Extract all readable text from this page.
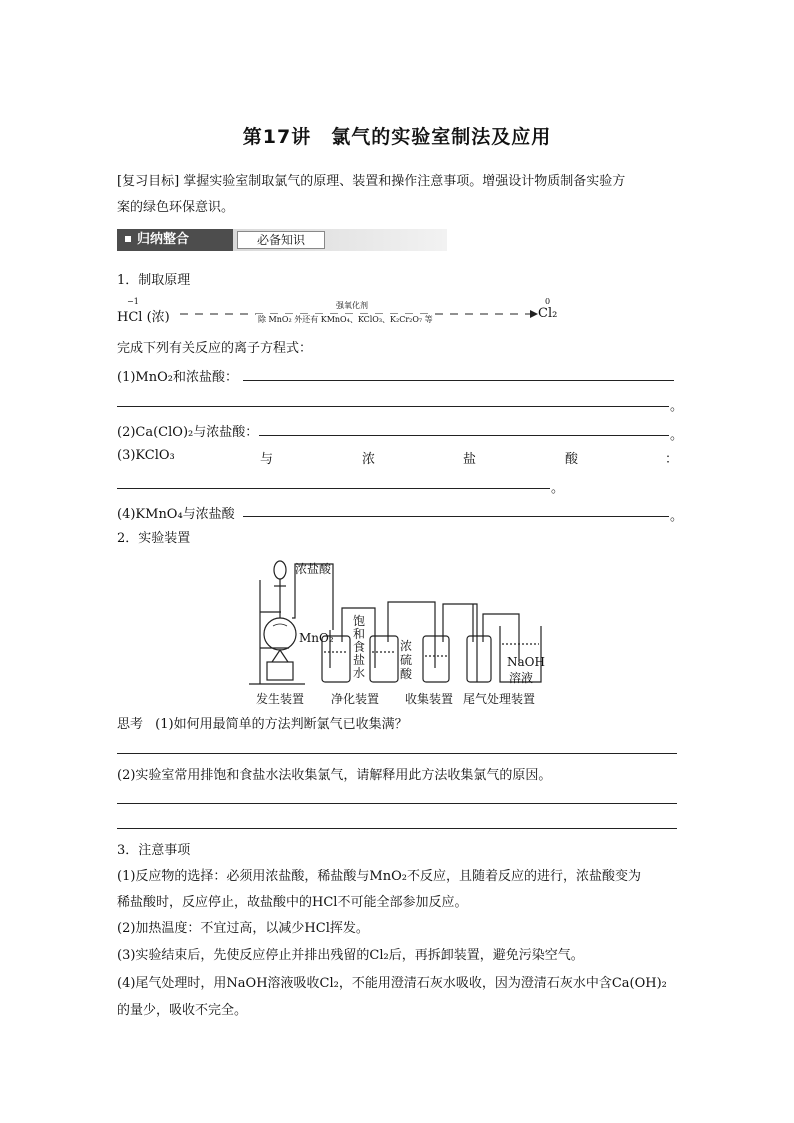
第17讲　氯气的实验室制法及应用
[复习目标] 掌握实验室制取氯气的原理、装置和操作注意事项。增强设计物质制备实验方
案的绿色环保意识。
归纳整合	必备知识
1．制取原理
−1
HCl (浓)
强氧化剂
除 MnO₂ 外还有 KMnO₄、KClO₃、K₂Cr₂O₇ 等
0
Cl₂
完成下列有关反应的离子方程式：
(1)MnO₂和浓盐酸：
。
(2)Ca(ClO)₂与浓盐酸：	。
(3)KClO₃	与	浓	盐	酸	：
。
(4)KMnO₄与浓盐酸	。
2．实验装置
浓盐酸
MnO₂
饱
和
食
盐
水
浓
硫
酸
NaOH
溶液
发生装置 净化装置 收集装置 尾气处理装置
思考 (1)如何用最简单的方法判断氯气已收集满？
(2)实验室常用排饱和食盐水法收集氯气，请解释用此方法收集氯气的原因。
3．注意事项
(1)反应物的选择：必须用浓盐酸，稀盐酸与MnO₂不反应，且随着反应的进行，浓盐酸变为
稀盐酸时，反应停止，故盐酸中的HCl不可能全部参加反应。
(2)加热温度：不宜过高，以减少HCl挥发。
(3)实验结束后，先使反应停止并排出残留的Cl₂后，再拆卸装置，避免污染空气。
(4)尾气处理时，用NaOH溶液吸收Cl₂，不能用澄清石灰水吸收，因为澄清石灰水中含Ca(OH)₂
的量少，吸收不完全。
